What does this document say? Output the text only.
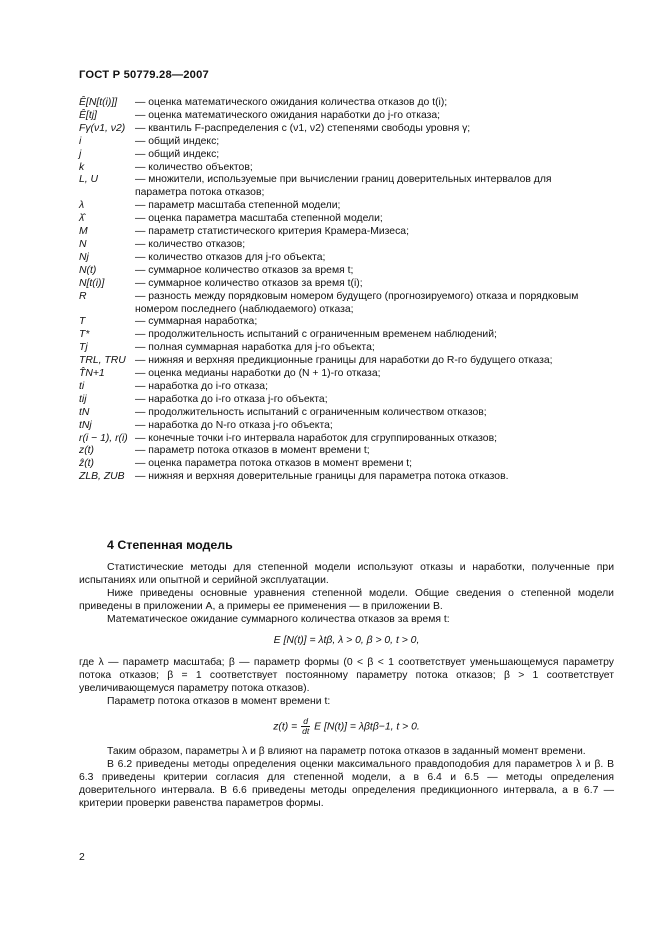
ГОСТ Р 50779.28—2007
Ê[N[t(i)]]	— оценка математического ожидания количества отказов до t(i);
Ê[tj]	— оценка математического ожидания наработки до j-го отказа;
Fγ(ν1, ν2) — квантиль F-распределения с (ν1, ν2) степенями свободы уровня γ;
i	— общий индекс;
j	— общий индекс;
k	— количество объектов;
L, U	— множители, используемые при вычислении границ доверительных интервалов для параметра потока отказов;
λ	— параметр масштаба степенной модели;
λ̂	— оценка параметра масштаба степенной модели;
M	— параметр статистического критерия Крамера-Мизеса;
N	— количество отказов;
Nj	— количество отказов для j-го объекта;
N(t)	— суммарное количество отказов за время t;
N[t(i)]	— суммарное количество отказов за время t(i);
R	— разность между порядковым номером будущего (прогнозируемого) отказа и порядковым номером последнего (наблюдаемого) отказа;
T	— суммарная наработка;
T*	— продолжительность испытаний с ограниченным временем наблюдений;
Tj	— полная суммарная наработка для j-го объекта;
TRL, TRU — нижняя и верхняя предикционные границы для наработки до R-го будущего отказа;
T̂N+1	— оценка медианы наработки до (N + 1)-го отказа;
ti	— наработка до i-го отказа;
tij	— наработка до i-го отказа j-го объекта;
tN	— продолжительность испытаний с ограниченным количеством отказов;
tNj	— наработка до N-го отказа j-го объекта;
r(i − 1), r(i) — конечные точки i-го интервала наработок для сгруппированных отказов;
z(t)	— параметр потока отказов в момент времени t;
ẑ(t)	— оценка параметра потока отказов в момент времени t;
ZLB, ZUB — нижняя и верхняя доверительные границы для параметра потока отказов.
4 Степенная модель

Статистические методы для степенной модели используют отказы и наработки, полученные при испытаниях или опытной и серийной эксплуатации.

Ниже приведены основные уравнения степенной модели. Общие сведения о степенной модели приведены в приложении А, а примеры ее применения — в приложении В.

Математическое ожидание суммарного количества отказов за время t:

E [N(t)] = λtβ, λ > 0, β > 0, t > 0,

где λ — параметр масштаба; β — параметр формы (0 < β < 1 соответствует уменьшающемуся параметру потока отказов; β = 1 соответствует постоянному параметру потока отказов; β > 1 соответствует увеличивающемуся параметру потока отказов).

Параметр потока отказов в момент времени t:

$z(t) = \frac{d}{dt}$ E [N(t)] = λβtβ−1, t > 0.

Таким образом, параметры λ и β влияют на параметр потока отказов в заданный момент времени.

В 6.2 приведены методы определения оценки максимального правдоподобия для параметров λ и β. В 6.3 приведены критерии согласия для степенной модели, а в 6.4 и 6.5 — методы определения доверительного интервала. В 6.6 приведены методы определения предикционного интервала, а в 6.7 — критерии проверки равенства параметров формы.

2
